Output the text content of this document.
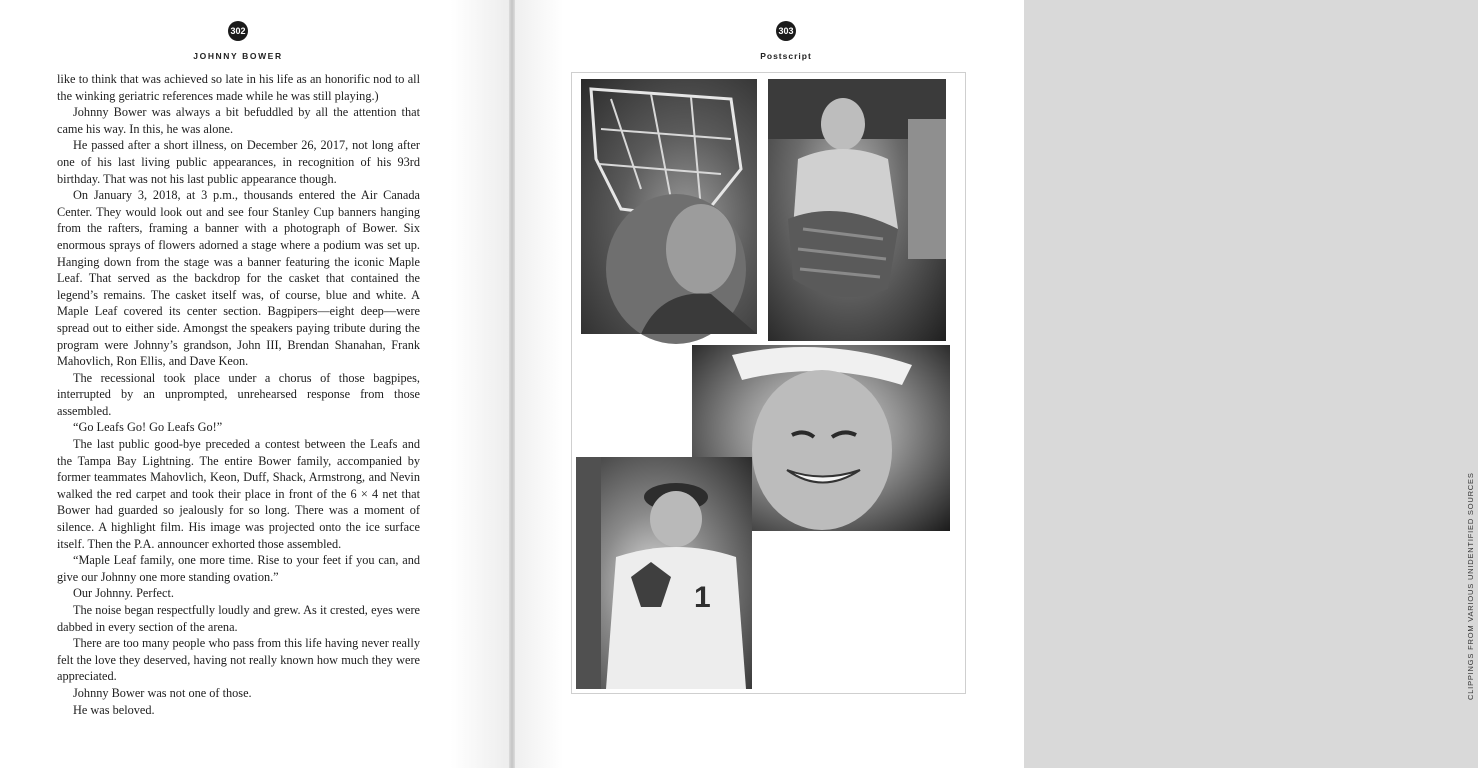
302
JOHNNY BOWER

like to think that was achieved so late in his life as an honorific nod to all the winking geriatric references made while he was still playing.)

Johnny Bower was always a bit befuddled by all the attention that came his way. In this, he was alone.

He passed after a short illness, on December 26, 2017, not long after one of his last living public appearances, in recognition of his 93rd birthday. That was not his last public appearance though.

On January 3, 2018, at 3 p.m., thousands entered the Air Canada Center. They would look out and see four Stanley Cup banners hanging from the rafters, framing a banner with a photograph of Bower. Six enormous sprays of flowers adorned a stage where a podium was set up. Hanging down from the stage was a banner featuring the iconic Maple Leaf. That served as the backdrop for the casket that contained the legend’s remains. The casket itself was, of course, blue and white. A Maple Leaf covered its center section. Bagpipers—eight deep—were spread out to either side. Amongst the speakers paying tribute during the program were Johnny’s grandson, John III, Brendan Shanahan, Frank Mahovlich, Ron Ellis, and Dave Keon.

The recessional took place under a chorus of those bagpipes, interrupted by an unprompted, unrehearsed response from those assembled.

“Go Leafs Go! Go Leafs Go!”

The last public good-bye preceded a contest between the Leafs and the Tampa Bay Lightning. The entire Bower family, accompanied by former teammates Mahovlich, Keon, Duff, Shack, Armstrong, and Nevin walked the red carpet and took their place in front of the 6 × 4 net that Bower had guarded so jealously for so long. There was a moment of silence. A highlight film. His image was projected onto the ice surface itself. Then the P.A. announcer exhorted those assembled.

“Maple Leaf family, one more time. Rise to your feet if you can, and give our Johnny one more standing ovation.”

Our Johnny. Perfect.

The noise began respectfully loudly and grew. As it crested, eyes were dabbed in every section of the arena.

There are too many people who pass from this life having never really felt the love they deserved, having not really known how much they were appreciated.

Johnny Bower was not one of those.

He was beloved.

303
Postscript
1	CLIPPINGS FROM VARIOUS UNIDENTIFIED SOURCES
